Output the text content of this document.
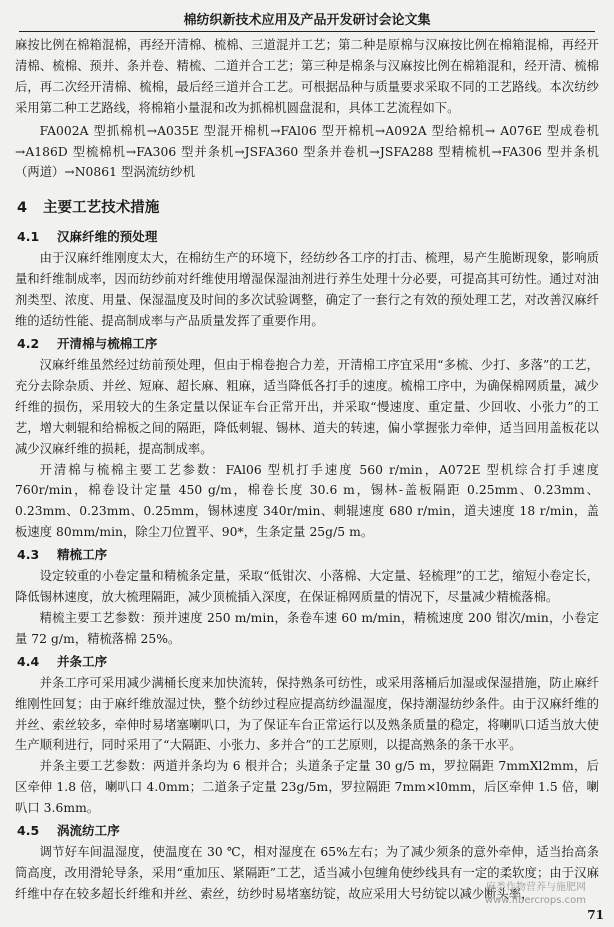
棉纺织新技术应用及产品开发研讨会论文集

麻按比例在棉箱混棉，再经开清棉、梳棉、三道混并工艺；第二种是原棉与汉麻按比例在棉箱混棉，再经开清棉、梳棉、预并、条并卷、精梳、二道并合工艺；第三种是棉条与汉麻按比例在棉箱混和，经开清、梳棉后，再二次经开清棉、梳棉，最后经三道并合工艺。可根据品种与质量要求采取不同的工艺路线。本次纺纱采用第二种工艺路线，将棉箱小量混和改为抓棉机圆盘混和，具体工艺流程如下。

FA002A 型抓棉机→A035E 型混开棉机→FAl06 型开棉机→A092A 型给棉机→ A076E 型成卷机→A186D 型梳棉机→FA306 型并条机→JSFA360 型条并卷机→JSFA288 型精梳机→FA306 型并条机（两道）→N0861 型涡流纺纱机

4 主要工艺技术措施
4.1 汉麻纤维的预处理

由于汉麻纤维刚度太大，在棉纺生产的环境下，经纺纱各工序的打击、梳理，易产生脆断现象，影响质量和纤维制成率，因而纺纱前对纤维使用增湿保湿油剂进行养生处理十分必要，可提高其可纺性。通过对油剂类型、浓度、用量、保湿温度及时间的多次试验调整，确定了一套行之有效的预处理工艺，对改善汉麻纤维的适纺性能、提高制成率与产品质量发挥了重要作用。

4.2 开清棉与梳棉工序

汉麻纤维虽然经过纺前预处理，但由于棉卷抱合力差，开清棉工序宜采用“多梳、少打、多落”的工艺，充分去除杂质、并丝、短麻、超长麻、粗麻，适当降低各打手的速度。梳棉工序中，为确保棉网质量，减少纤维的损伤，采用较大的生条定量以保证车台正常开出，并采取“慢速度、重定量、少回收、小张力”的工艺，增大刺辊和给棉板之间的隔距，降低刺辊、锡林、道夫的转速，偏小掌握张力牵伸，适当回用盖板花以减少汉麻纤维的损耗，提高制成率。

开清棉与梳棉主要工艺参数：FAl06 型机打手速度 560 r/min，A072E 型机综合打手速度 760r/min，棉卷设计定量 450 g/m，棉卷长度 30.6 m，锡林-盖板隔距 0.25mm、0.23mm、0.23mm、0.23mm、0.25mm，锡林速度 340r/min、刺辊速度 680 r/min，道夫速度 18 r/min，盖板速度 80mm/min，除尘刀位置平、90*，生条定量 25g/5 m。

4.3 精梳工序

设定较重的小卷定量和精梳条定量，采取“低钳次、小落棉、大定量、轻梳理”的工艺，缩短小卷定长，降低锡林速度，放大梳理隔距，减少顶梳插入深度，在保证棉网质量的情况下，尽量减少精梳落棉。

精梳主要工艺参数：预并速度 250 m/min，条卷车速 60 m/min，精梳速度 200 钳次/min，小卷定量 72 g/m，精梳落棉 25%。

4.4 并条工序

并条工序可采用减少满桶长度来加快流转，保持熟条可纺性，或采用落桶后加湿或保湿措施，防止麻纤维刚性回复；由于麻纤维放湿过快，整个纺纱过程应提高纺纱温湿度，保持潮湿纺纱条件。由于汉麻纤维的并丝、索丝较多，牵伸时易堵塞喇叭口，为了保证车台正常运行以及熟条质量的稳定，将喇叭口适当放大使生产顺利进行，同时采用了“大隔距、小张力、多并合”的工艺原则，以提高熟条的条干水平。

并条主要工艺参数：两道并条均为 6 根并合；头道条子定量 30 g/5 m，罗拉隔距 7mmXl2mm，后区牵伸 1.8 倍，喇叭口 4.0mm；二道条子定量 23g/5m，罗拉隔距 7mm×l0mm，后区牵伸 1.5 倍，喇叭口 3.6mm。

4.5 涡流纺工序

调节好车间温湿度，使温度在 30 ℃，相对湿度在 65%左右；为了减少须条的意外牵伸，适当抬高条筒高度，改用滑轮导条，采用“重加压、紧隔距”工艺，适当减小包缠角使纱线具有一定的柔软度；由于汉麻纤维中存在较多超长纤维和并丝、索丝，纺纱时易堵塞纺锭，故应采用大号纺锭以减少断头率，

麻类作物营养与施肥网
www.fibercrops.com
71
